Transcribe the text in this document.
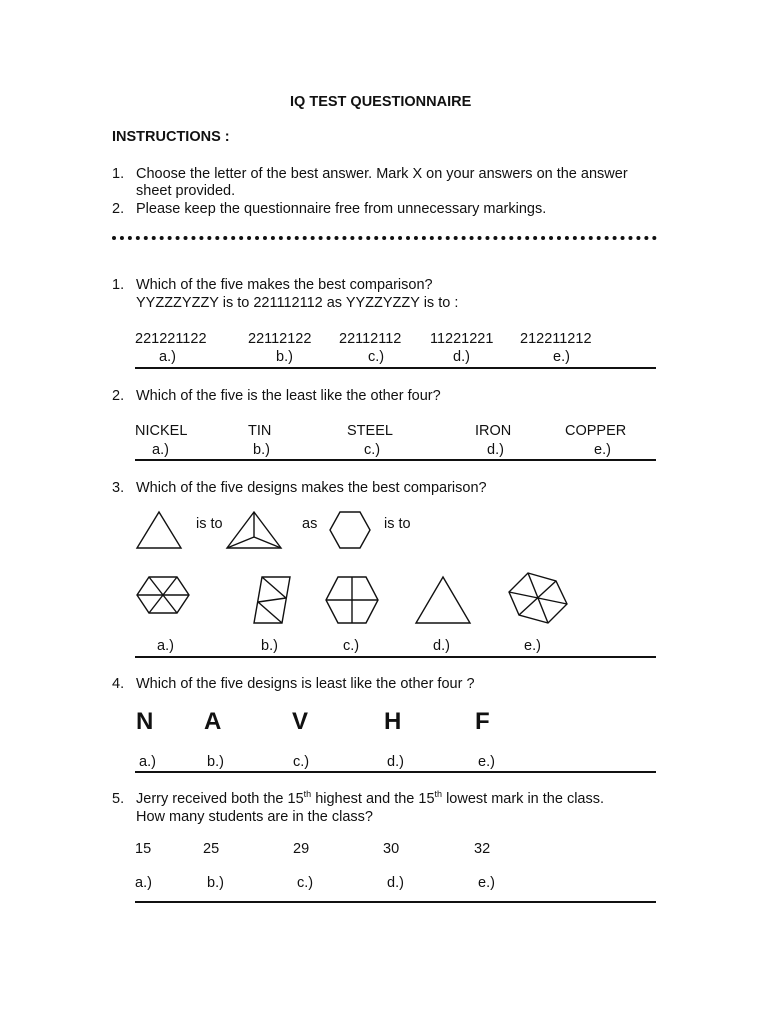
IQ TEST QUESTIONNAIRE
INSTRUCTIONS :
1. Choose the letter of the best answer. Mark X on your answers on the answer
sheet provided.
2. Please keep the questionnaire free from unnecessary markings.
1. Which of the five makes the best comparison?
YYZZZYZZY is to 221112112 as YYZZYZZY is to :
221221122	22112122 22112112 11221221 212211212
a.)	b.)	c.)	d.)	e.)
2. Which of the five is the least like the other four?
NICKEL	TIN	STEEL	IRON	COPPER
a.)	b.)	c.)	d.)	e.)
3. Which of the five designs makes the best comparison?
is to	as	is to
a.)	b.)	c.)	d.)	e.)
4. Which of the five designs is least like the other four ?
N A	V	H	F
a.)	b.)	c.)	d.)	e.)
5. Jerry received both the 15th highest and the 15th lowest mark in the class.
How many students are in the class?
15	25	29	30	32
a.)	b.)	c.)	d.)	e.)
